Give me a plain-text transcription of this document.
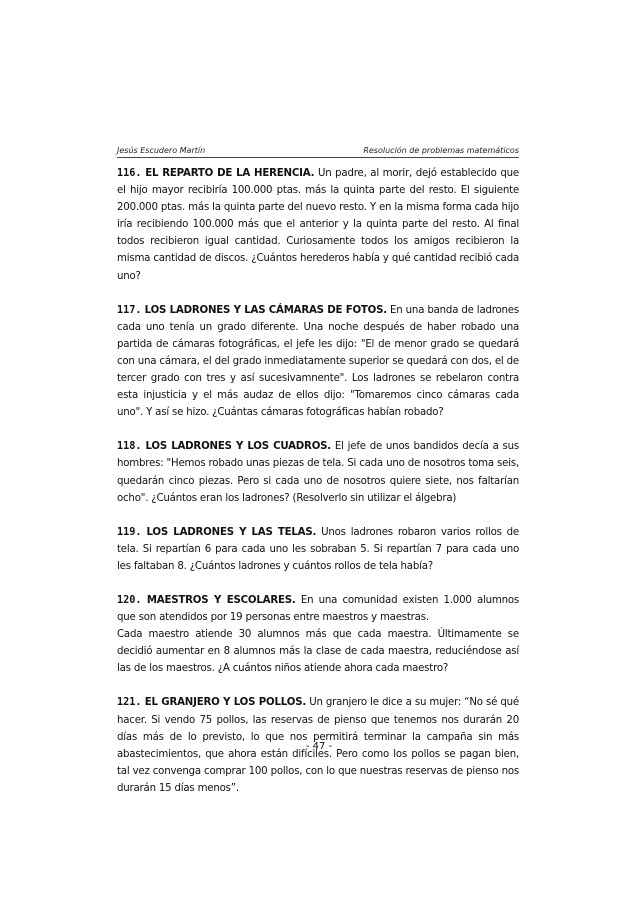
Jesús Escudero Martín	Resolución de problemas matemáticos

116. EL REPARTO DE LA HERENCIA. Un padre, al morir, dejó establecido que el hijo mayor recibiría 100.000 ptas. más la quinta parte del resto. El siguiente 200.000 ptas. más la quinta parte del nuevo resto. Y en la misma forma cada hijo iría recibiendo 100.000 más que el anterior y la quinta parte del resto. Al final todos recibieron igual cantidad. Curiosamente todos los amigos recibieron la misma cantidad de discos. ¿Cuántos herederos había y qué cantidad recibió cada uno?

117. LOS LADRONES Y LAS CÁMARAS DE FOTOS. En una banda de ladrones cada uno tenía un grado diferente. Una noche después de haber robado una partida de cámaras fotográficas, el jefe les dijo: "El de menor grado se quedará con una cámara, el del grado inmediatamente superior se quedará con dos, el de tercer grado con tres y así sucesivamnente". Los ladrones se rebelaron contra esta injusticia y el más audaz de ellos dijo: "Tomaremos cinco cámaras cada uno". Y así se hizo. ¿Cuántas cámaras fotográficas habían robado?

118. LOS LADRONES Y LOS CUADROS. El jefe de unos bandidos decía a sus hombres: "Hemos robado unas piezas de tela. Si cada uno de nosotros toma seis, quedarán cinco piezas. Pero si cada uno de nosotros quiere siete, nos faltarían ocho". ¿Cuántos eran los ladrones? (Resolverlo sin utilizar el álgebra)

119. LOS LADRONES Y LAS TELAS. Unos ladrones robaron varios rollos de tela. Si repartían 6 para cada uno les sobraban 5. Si repartían 7 para cada uno les faltaban 8. ¿Cuántos ladrones y cuántos rollos de tela había?

120. MAESTROS Y ESCOLARES. En una comunidad existen 1.000 alumnos que son atendidos por 19 personas entre maestros y maestras.
Cada maestro atiende 30 alumnos más que cada maestra. Últimamente se decidió aumentar en 8 alumnos más la clase de cada maestra, reduciéndose así las de los maestros. ¿A cuántos niños atiende ahora cada maestro?

121. EL GRANJERO Y LOS POLLOS. Un granjero le dice a su mujer: “No sé qué hacer. Si vendo 75 pollos, las reservas de pienso que tenemos nos durarán 20 días más de lo previsto, lo que nos permitirá terminar la campaña sin más abastecimientos, que ahora están difíciles. Pero como los pollos se pagan bien, tal vez convenga comprar 100 pollos, con lo que nuestras reservas de pienso nos durarán 15 días menos”.

- 47 -
